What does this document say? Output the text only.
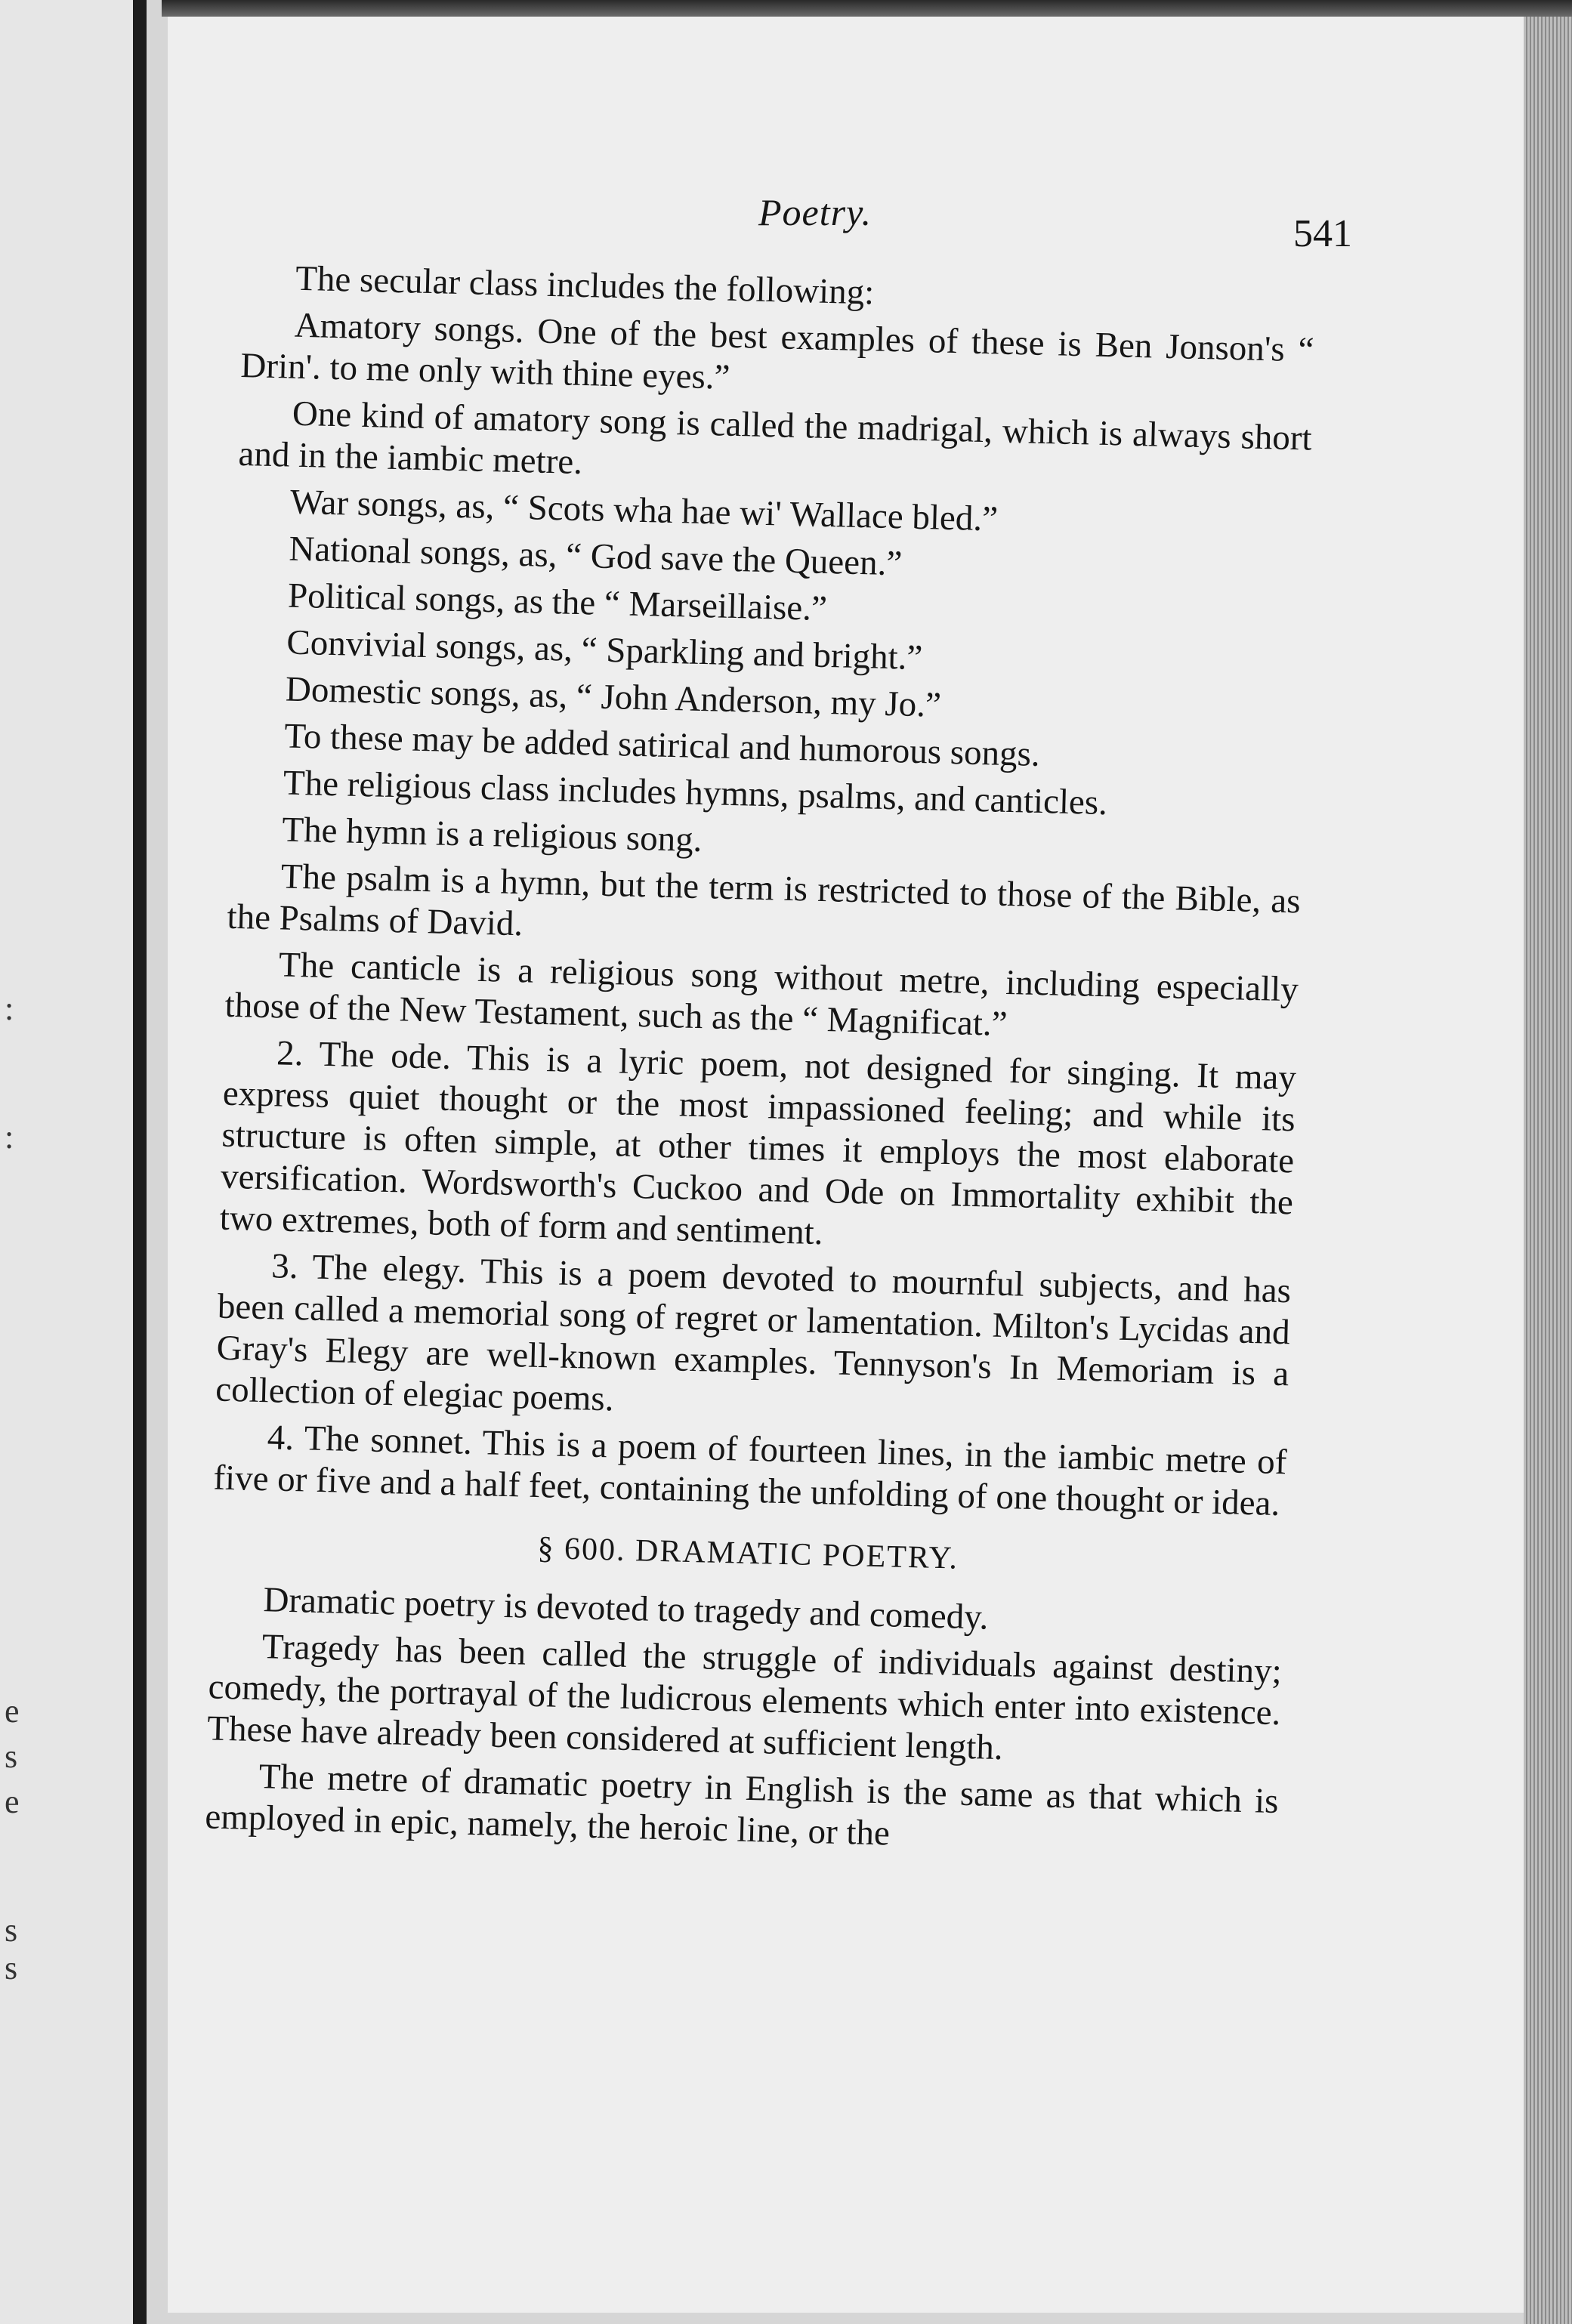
:
:
e
s
e
s
s
Poetry.	541

The secular class includes the following:

Amatory songs. One of the best examples of these is Ben Jonson's “ Drin'. to me only with thine eyes.”

One kind of amatory song is called the madrigal, which is always short and in the iambic metre.

War songs, as, “ Scots wha hae wi' Wallace bled.”

National songs, as, “ God save the Queen.”

Political songs, as the “ Marseillaise.”

Convivial songs, as, “ Sparkling and bright.”

Domestic songs, as, “ John Anderson, my Jo.”

To these may be added satirical and humorous songs.

The religious class includes hymns, psalms, and canticles.

The hymn is a religious song.

The psalm is a hymn, but the term is restricted to those of the Bible, as the Psalms of David.

The canticle is a religious song without metre, including especially those of the New Testament, such as the “ Magnificat.”

2. The ode. This is a lyric poem, not designed for singing. It may express quiet thought or the most impassioned feeling; and while its structure is often simple, at other times it employs the most elaborate versification. Wordsworth's Cuckoo and Ode on Immortality exhibit the two extremes, both of form and sentiment.

3. The elegy. This is a poem devoted to mournful subjects, and has been called a memorial song of regret or lamentation. Milton's Lycidas and Gray's Elegy are well-known examples. Tennyson's In Memoriam is a collection of elegiac poems.

4. The sonnet. This is a poem of fourteen lines, in the iambic metre of five or five and a half feet, containing the unfolding of one thought or idea.

§ 600. DRAMATIC POETRY.

Dramatic poetry is devoted to tragedy and comedy.

Tragedy has been called the struggle of individuals against destiny; comedy, the portrayal of the ludicrous elements which enter into existence. These have already been considered at sufficient length.

The metre of dramatic poetry in English is the same as that which is employed in epic, namely, the heroic line, or the
